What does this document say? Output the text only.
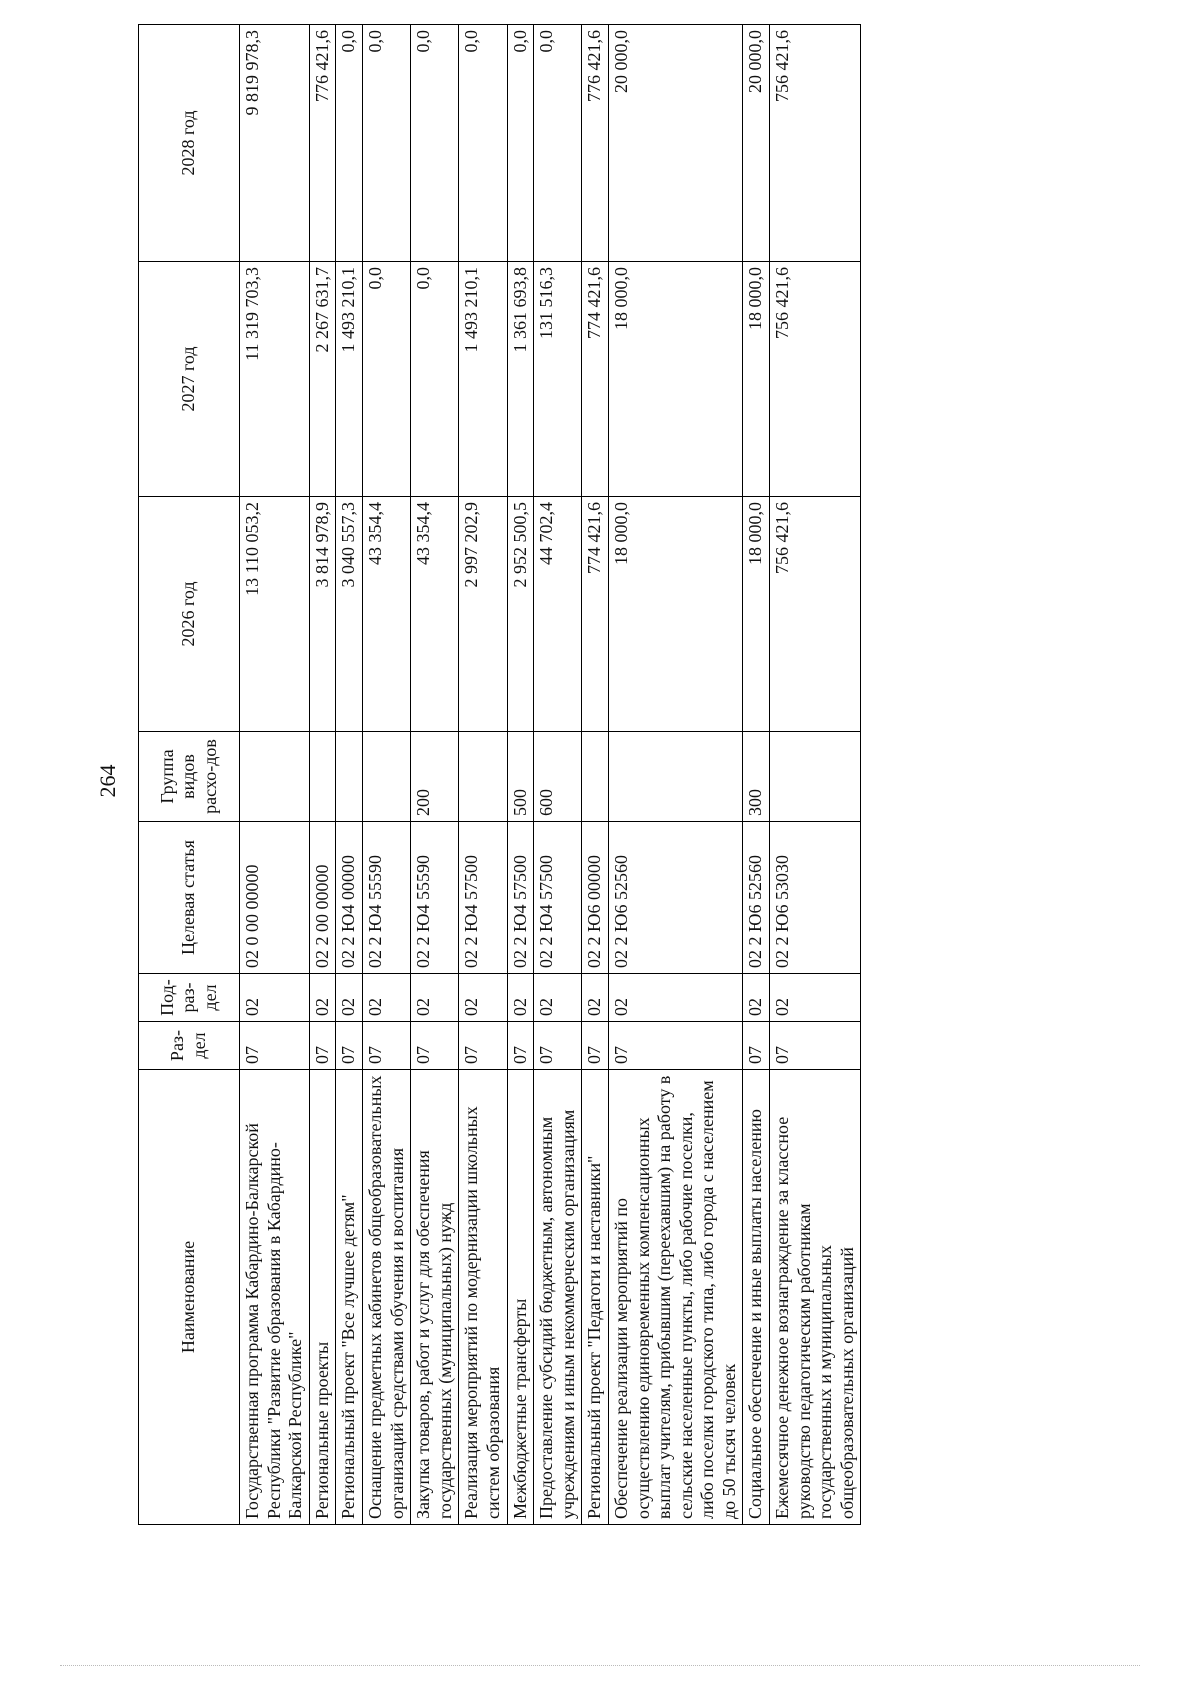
264
Наименование	Раз-дел	Под-раз-дел	Целевая статья	Группа видов расхо-дов	2026 год	2027 год	2028 год
Государственная программа Кабардино-Балкарской Республики "Развитие образования в Кабардино-Балкарской Республике"	07	02	02 0 00 00000		13 110 053,2	11 319 703,3	9 819 978,3
Региональные проекты	07	02	02 2 00 00000		3 814 978,9	2 267 631,7	776 421,6
Региональный проект "Все лучшее детям"	07	02	02 2 Ю4 00000		3 040 557,3	1 493 210,1	0,0
Оснащение предметных кабинетов общеобразовательных организаций средствами обучения и воспитания	07	02	02 2 Ю4 55590		43 354,4	0,0	0,0
Закупка товаров, работ и услуг для обеспечения государственных (муниципальных) нужд	07	02	02 2 Ю4 55590	200	43 354,4	0,0	0,0
Реализация мероприятий по модернизации школьных систем образования	07	02	02 2 Ю4 57500		2 997 202,9	1 493 210,1	0,0
Межбюджетные трансферты	07	02	02 2 Ю4 57500	500	2 952 500,5	1 361 693,8	0,0
Предоставление субсидий бюджетным, автономным учреждениям и иным некоммерческим организациям	07	02	02 2 Ю4 57500	600	44 702,4	131 516,3	0,0
Региональный проект "Педагоги и наставники"	07	02	02 2 Ю6 00000		774 421,6	774 421,6	776 421,6
Обеспечение реализации мероприятий по осуществлению единовременных компенсационных выплат учителям, прибывшим (переехавшим) на работу в сельские населенные пункты, либо рабочие поселки, либо поселки городского типа, либо города с населением до 50 тысяч человек	07	02	02 2 Ю6 52560		18 000,0	18 000,0	20 000,0
Социальное обеспечение и иные выплаты населению	07	02	02 2 Ю6 52560	300	18 000,0	18 000,0	20 000,0
Ежемесячное денежное вознаграждение за классное руководство педагогическим работникам государственных и муниципальных общеобразовательных организаций	07	02	02 2 Ю6 53030		756 421,6	756 421,6	756 421,6
